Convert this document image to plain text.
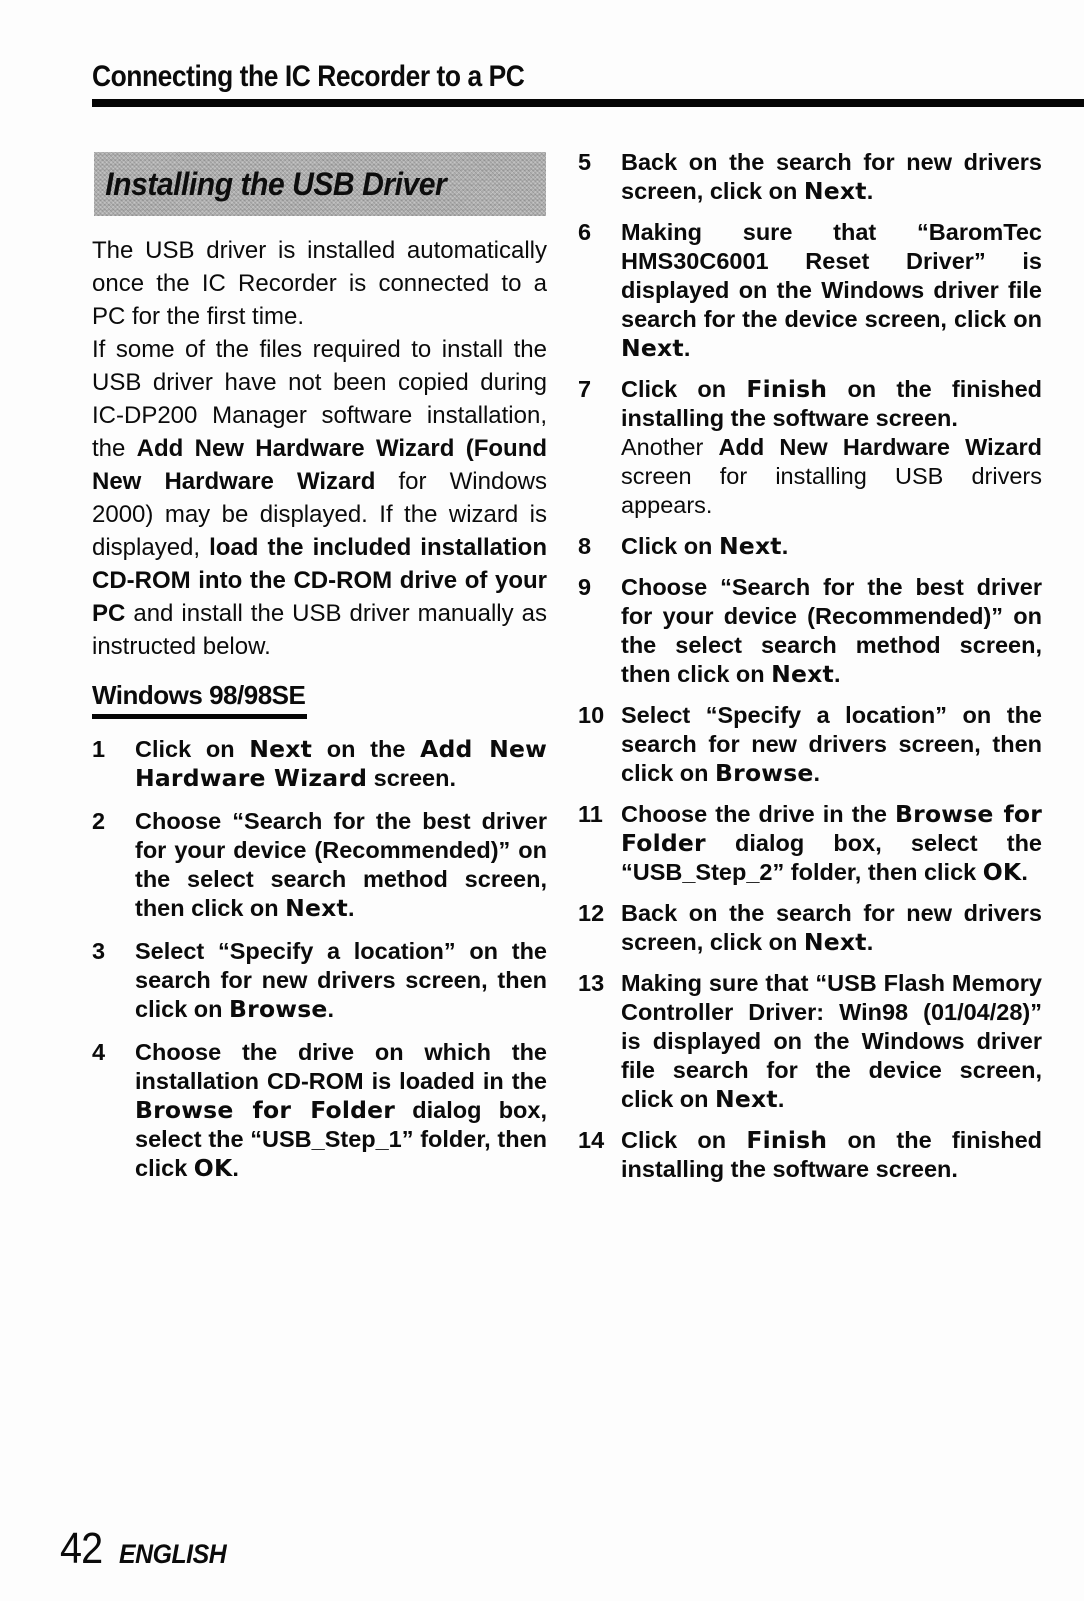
Connecting the IC Recorder to a PC
Installing the USB Driver

The USB driver is installed automatically once the IC Recorder is connected to a PC for the first time.

If some of the files required to install the USB driver have not been copied during IC-DP200 Manager software installation, the Add New Hardware Wizard (Found New Hardware Wizard for Windows 2000) may be displayed. If the wizard is displayed, load the included installation CD-ROM into the CD-ROM drive of your PC and install the USB driver manually as instructed below.

Windows 98/98SE
1	Click on Next on the Add New Hardware Wizard screen.
2	Choose “Search for the best driver for your device (Recommended)” on the select search method screen, then click on Next.
3	Select “Specify a location” on the search for new drivers screen, then click on Browse.
4	Choose the drive on which the installation CD-ROM is loaded in the Browse for Folder dialog box, select the “USB_Step_1” folder, then click OK.
5	Back on the search for new drivers screen, click on Next.
6	Making sure that “BaromTec HMS30C6001 Reset Driver” is displayed on the Windows driver file search for the device screen, click on Next.
7	Click on Finish on the finished installing the software screen.
Another Add New Hardware Wizard screen for installing USB drivers appears.
8	Click on Next.
9	Choose “Search for the best driver for your device (Recommended)” on the select search method screen, then click on Next.
10 Select “Specify a location” on the search for new drivers screen, then click on Browse.
11 Choose the drive in the Browse for Folder dialog box, select the “USB_Step_2” folder, then click OK.
12 Back on the search for new drivers screen, click on Next.
13 Making sure that “USB Flash Memory Controller Driver: Win98 (01/04/28)” is displayed on the Windows driver file search for the device screen, click on Next.
14 Click on Finish on the finished installing the software screen.
42 ENGLISH
